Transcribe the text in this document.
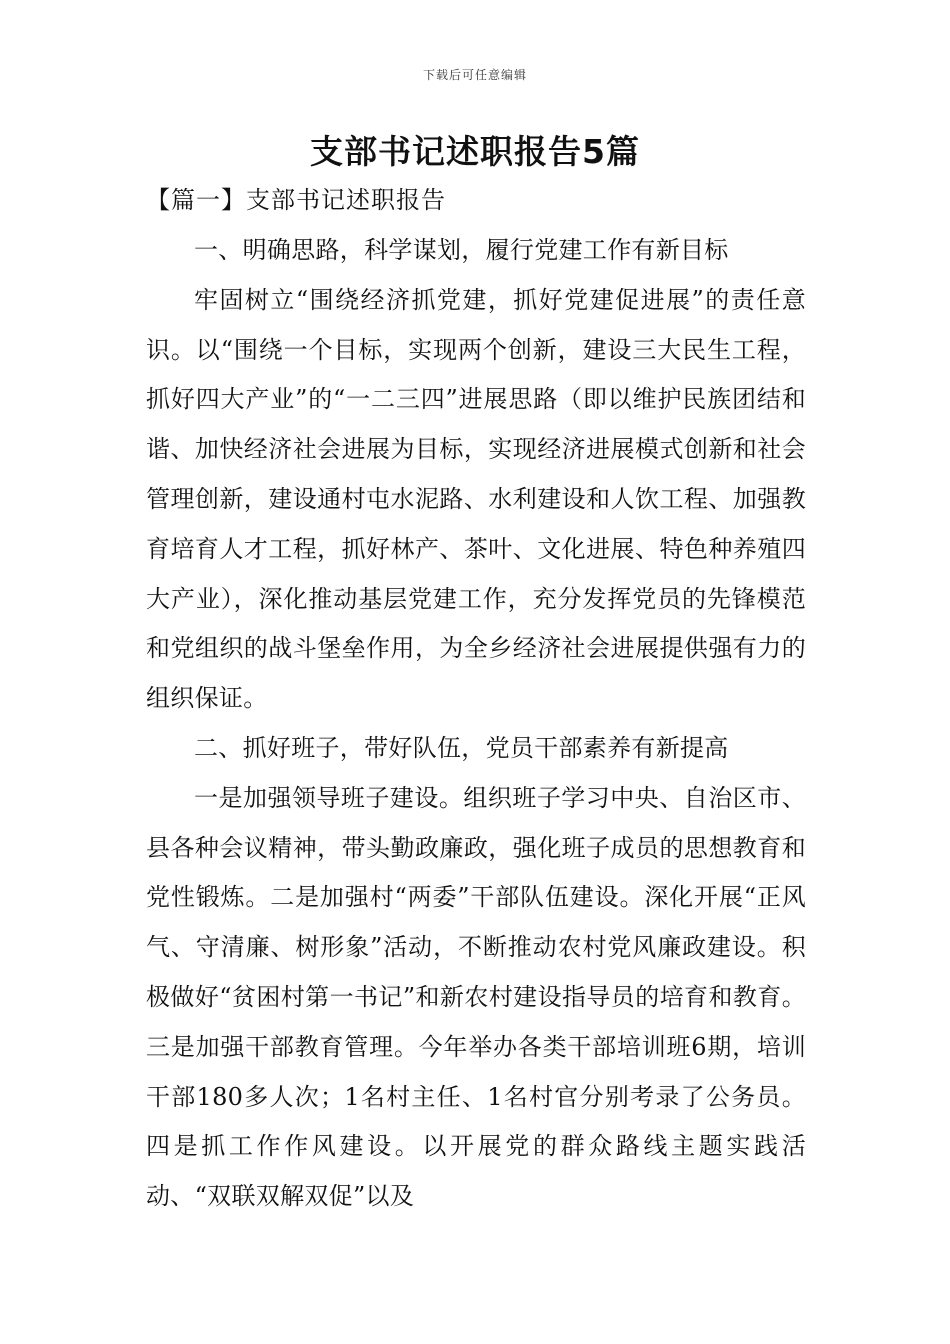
下载后可任意编辑
支部书记述职报告5篇
【篇一】支部书记述职报告

一、明确思路，科学谋划，履行党建工作有新目标

牢固树立“围绕经济抓党建，抓好党建促进展”的责任意识。以“围绕一个目标，实现两个创新，建设三大民生工程，抓好四大产业”的“一二三四”进展思路（即以维护民族团结和谐、加快经济社会进展为目标，实现经济进展模式创新和社会管理创新，建设通村屯水泥路、水利建设和人饮工程、加强教育培育人才工程，抓好林产、茶叶、文化进展、特色种养殖四大产业），深化推动基层党建工作，充分发挥党员的先锋模范和党组织的战斗堡垒作用，为全乡经济社会进展提供强有力的组织保证。

二、抓好班子，带好队伍，党员干部素养有新提高

一是加强领导班子建设。组织班子学习中央、自治区市、县各种会议精神，带头勤政廉政，强化班子成员的思想教育和党性锻炼。二是加强村“两委”干部队伍建设。深化开展“正风气、守清廉、树形象”活动，不断推动农村党风廉政建设。积极做好“贫困村第一书记”和新农村建设指导员的培育和教育。三是加强干部教育管理。今年举办各类干部培训班6期，培训干部180多人次；1名村主任、1名村官分别考录了公务员。四是抓工作作风建设。以开展党的群众路线主题实践活动、“双联双解双促”以及
